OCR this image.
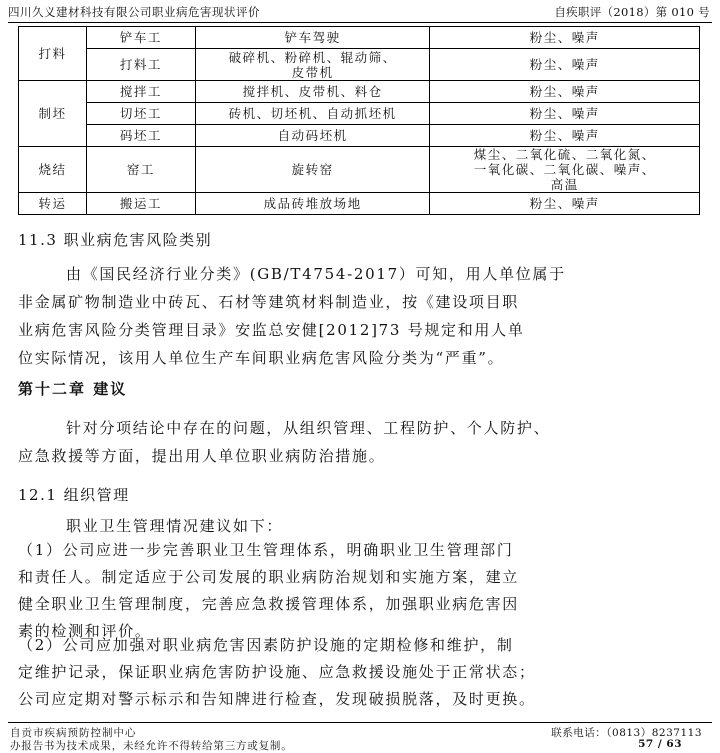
四川久义建材科技有限公司职业病危害现状评价	自疾职评（2018）第 010 号
打料	铲车工	铲车驾驶	粉尘、噪声

	打料工	破碎机、粉碎机、辊动筛、
皮带机	粉尘、噪声

制坯	搅拌工	搅拌机、皮带机、料仓	粉尘、噪声

	切坯工	砖机、切坯机、自动抓坯机	粉尘、噪声

	码坯工	自动码坯机	粉尘、噪声

烧结	窑工	旋转窑	煤尘、二氧化硫、二氧化氮、
一氧化碳、二氧化碳、噪声、
高温

转运	搬运工	成品砖堆放场地	粉尘、噪声

11.3 职业病危害风险类别

由《国民经济行业分类》(GB/T4754-2017）可知，用人单位属于

非金属矿物制造业中砖瓦、石材等建筑材料制造业，按《建设项目职

业病危害风险分类管理目录》安监总安健[2012]73 号规定和用人单

位实际情况，该用人单位生产车间职业病危害风险分类为“严重”。

第十二章 建议

针对分项结论中存在的问题，从组织管理、工程防护、个人防护、

应急救援等方面，提出用人单位职业病防治措施。

12.1 组织管理

职业卫生管理情况建议如下：

（1）公司应进一步完善职业卫生管理体系，明确职业卫生管理部门

和责任人。制定适应于公司发展的职业病防治规划和实施方案，建立

健全职业卫生管理制度，完善应急救援管理体系，加强职业病危害因

素的检测和评价。

（2）公司应加强对职业病危害因素防护设施的定期检修和维护，制

定维护记录，保证职业病危害防护设施、应急救援设施处于正常状态；

公司应定期对警示标示和告知牌进行检查，发现破损脱落，及时更换。

自贡市疾病预防控制中心
办报告书为技术成果，未经允许不得转给第三方或复制。
联系电话：（0813）8237113
57 / 63
